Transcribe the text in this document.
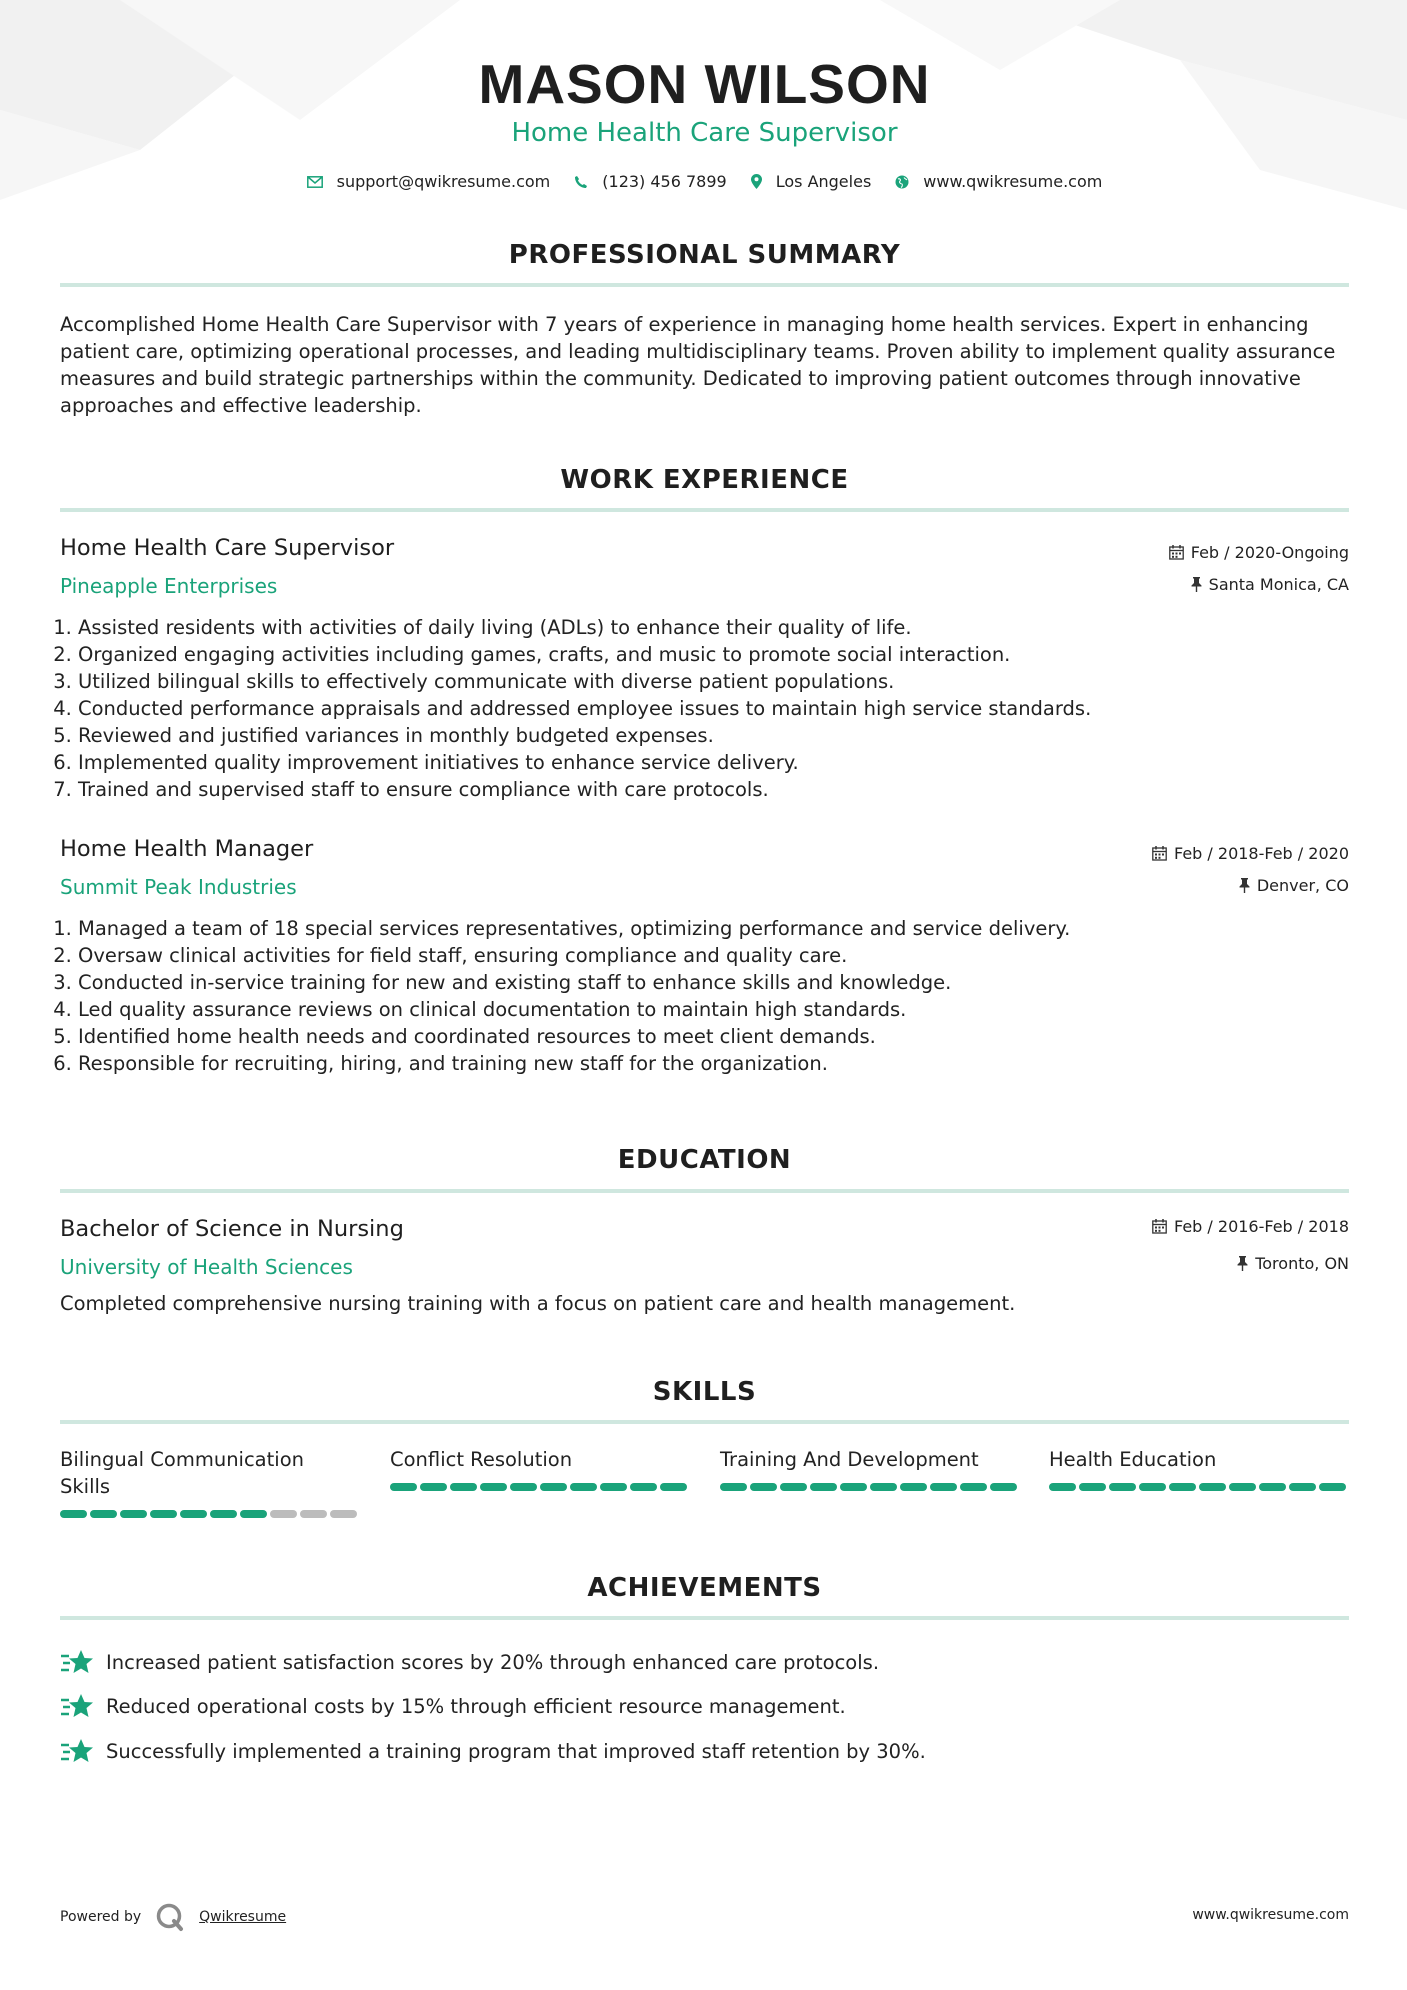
MASON WILSON
Home Health Care Supervisor
support@qwikresume.com	(123) 456 7899	Los Angeles	www.qwikresume.com
PROFESSIONAL SUMMARY
Accomplished Home Health Care Supervisor with 7 years of experience in managing home health services. Expert in enhancing patient care, optimizing operational processes, and leading multidisciplinary teams. Proven ability to implement quality assurance measures and build strategic partnerships within the community. Dedicated to improving patient outcomes through innovative approaches and effective leadership.
WORK EXPERIENCE
Home Health Care Supervisor
Pineapple Enterprises
Feb / 2020-Ongoing
Santa Monica, CA
1. Assisted residents with activities of daily living (ADLs) to enhance their quality of life.
2. Organized engaging activities including games, crafts, and music to promote social interaction.
3. Utilized bilingual skills to effectively communicate with diverse patient populations.
4. Conducted performance appraisals and addressed employee issues to maintain high service standards.
5. Reviewed and justified variances in monthly budgeted expenses.
6. Implemented quality improvement initiatives to enhance service delivery.
7. Trained and supervised staff to ensure compliance with care protocols.
Home Health Manager
Summit Peak Industries
Feb / 2018-Feb / 2020
Denver, CO
1. Managed a team of 18 special services representatives, optimizing performance and service delivery.
2. Oversaw clinical activities for field staff, ensuring compliance and quality care.
3. Conducted in-service training for new and existing staff to enhance skills and knowledge.
4. Led quality assurance reviews on clinical documentation to maintain high standards.
5. Identified home health needs and coordinated resources to meet client demands.
6. Responsible for recruiting, hiring, and training new staff for the organization.
EDUCATION
Bachelor of Science in Nursing
University of Health Sciences
Feb / 2016-Feb / 2018
Toronto, ON
Completed comprehensive nursing training with a focus on patient care and health management.
SKILLS
Bilingual Communication Skills
Conflict Resolution	Training And Development	Health Education
ACHIEVEMENTS
Increased patient satisfaction scores by 20% through enhanced care protocols.
Reduced operational costs by 15% through efficient resource management.
Successfully implemented a training program that improved staff retention by 30%.
Powered by	Qwikresume	www.qwikresume.com
